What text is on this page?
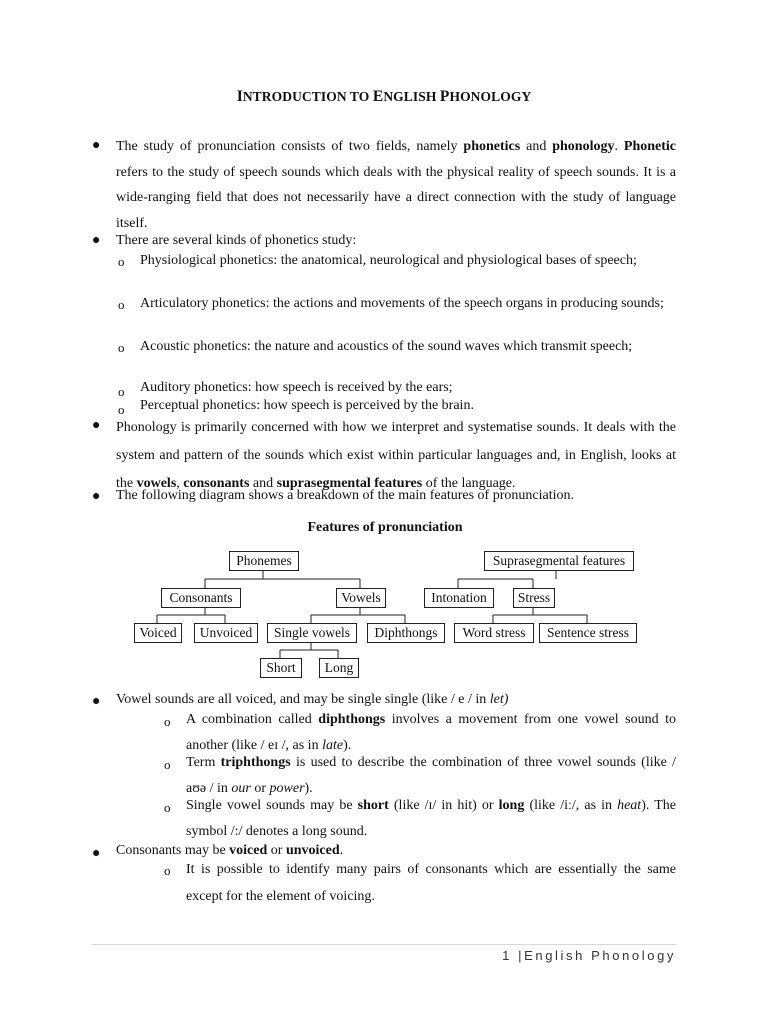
INTRODUCTION TO ENGLISH PHONOLOGY
● The study of pronunciation consists of two fields, namely phonetics and phonology. Phonetic refers to the study of speech sounds which deals with the physical reality of speech sounds. It is a wide-ranging field that does not necessarily have a direct connection with the study of language itself.
● There are several kinds of phonetics study:
o Physiological phonetics: the anatomical, neurological and physiological bases of speech;
o Articulatory phonetics: the actions and movements of the speech organs in producing sounds;
o Acoustic phonetics: the nature and acoustics of the sound waves which transmit speech;
o Auditory phonetics: how speech is received by the ears;
o Perceptual phonetics: how speech is perceived by the brain.
● Phonology is primarily concerned with how we interpret and systematise sounds. It deals with the system and pattern of the sounds which exist within particular languages and, in English, looks at the vowels, consonants and suprasegmental features of the language.
● The following diagram shows a breakdown of the main features of pronunciation.
Features of pronunciation
Phonemes	Suprasegmental features
Consonants	Vowels	Intonation	Stress
Voiced	Unvoiced	Single vowels	Diphthongs	Word stress	Sentence stress
Short	Long
● Vowel sounds are all voiced, and may be single single (like / e / in let)
o A combination called diphthongs involves a movement from one vowel sound to another (like / eɪ /, as in late).
o Term triphthongs is used to describe the combination of three vowel sounds (like / aʊə / in our or power).
o Single vowel sounds may be short (like /ɪ/ in hit) or long (like /iː/, as in heat). The symbol /:/ denotes a long sound.
● Consonants may be voiced or unvoiced.
o It is possible to identify many pairs of consonants which are essentially the same except for the element of voicing.
1 |English Phonology
